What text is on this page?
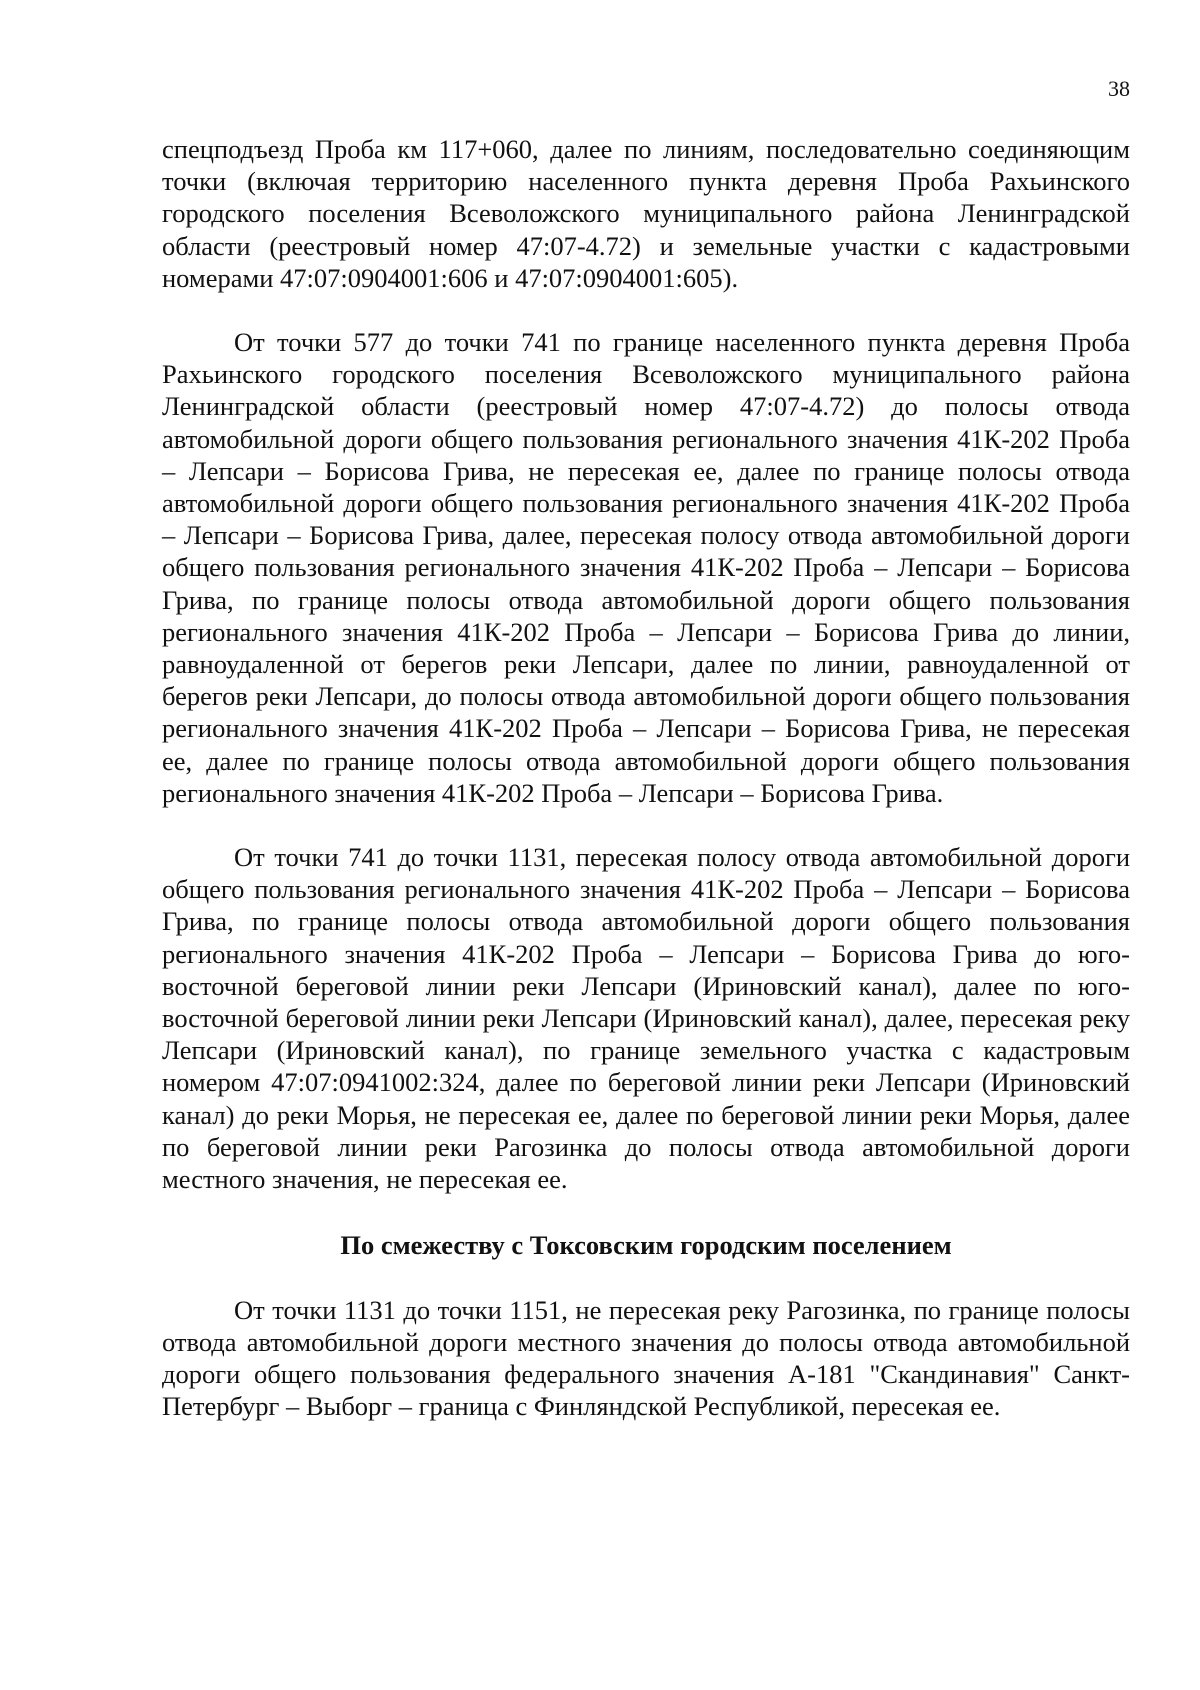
38

спецподъезд Проба км 117+060, далее по линиям, последовательно соединяющим точки (включая территорию населенного пункта деревня Проба Рахьинского городского поселения Всеволожского муниципального района Ленинградской области (реестровый номер 47:07-4.72) и земельные участки с кадастровыми номерами 47:07:0904001:606 и 47:07:0904001:605).

От точки 577 до точки 741 по границе населенного пункта деревня Проба Рахьинского городского поселения Всеволожского муниципального района Ленинградской области (реестровый номер 47:07-4.72) до полосы отвода автомобильной дороги общего пользования регионального значения 41К-202 Проба – Лепсари – Борисова Грива, не пересекая ее, далее по границе полосы отвода автомобильной дороги общего пользования регионального значения 41К-202 Проба – Лепсари – Борисова Грива, далее, пересекая полосу отвода автомобильной дороги общего пользования регионального значения 41К-202 Проба – Лепсари – Борисова Грива, по границе полосы отвода автомобильной дороги общего пользования регионального значения 41К-202 Проба – Лепсари – Борисова Грива до линии, равноудаленной от берегов реки Лепсари, далее по линии, равноудаленной от берегов реки Лепсари, до полосы отвода автомобильной дороги общего пользования регионального значения 41К-202 Проба – Лепсари – Борисова Грива, не пересекая ее, далее по границе полосы отвода автомобильной дороги общего пользования регионального значения 41К-202 Проба – Лепсари – Борисова Грива.

От точки 741 до точки 1131, пересекая полосу отвода автомобильной дороги общего пользования регионального значения 41К-202 Проба – Лепсари – Борисова Грива, по границе полосы отвода автомобильной дороги общего пользования регионального значения 41К-202 Проба – Лепсари – Борисова Грива до юго-восточной береговой линии реки Лепсари (Ириновский канал), далее по юго-восточной береговой линии реки Лепсари (Ириновский канал), далее, пересекая реку Лепсари (Ириновский канал), по границе земельного участка с кадастровым номером 47:07:0941002:324, далее по береговой линии реки Лепсари (Ириновский канал) до реки Морья, не пересекая ее, далее по береговой линии реки Морья, далее по береговой линии реки Рагозинка до полосы отвода автомобильной дороги местного значения, не пересекая ее.

По смежеству с Токсовским городским поселением

От точки 1131 до точки 1151, не пересекая реку Рагозинка, по границе полосы отвода автомобильной дороги местного значения до полосы отвода автомобильной дороги общего пользования федерального значения А-181 "Скандинавия" Санкт-Петербург – Выборг – граница с Финляндской Республикой, пересекая ее.
